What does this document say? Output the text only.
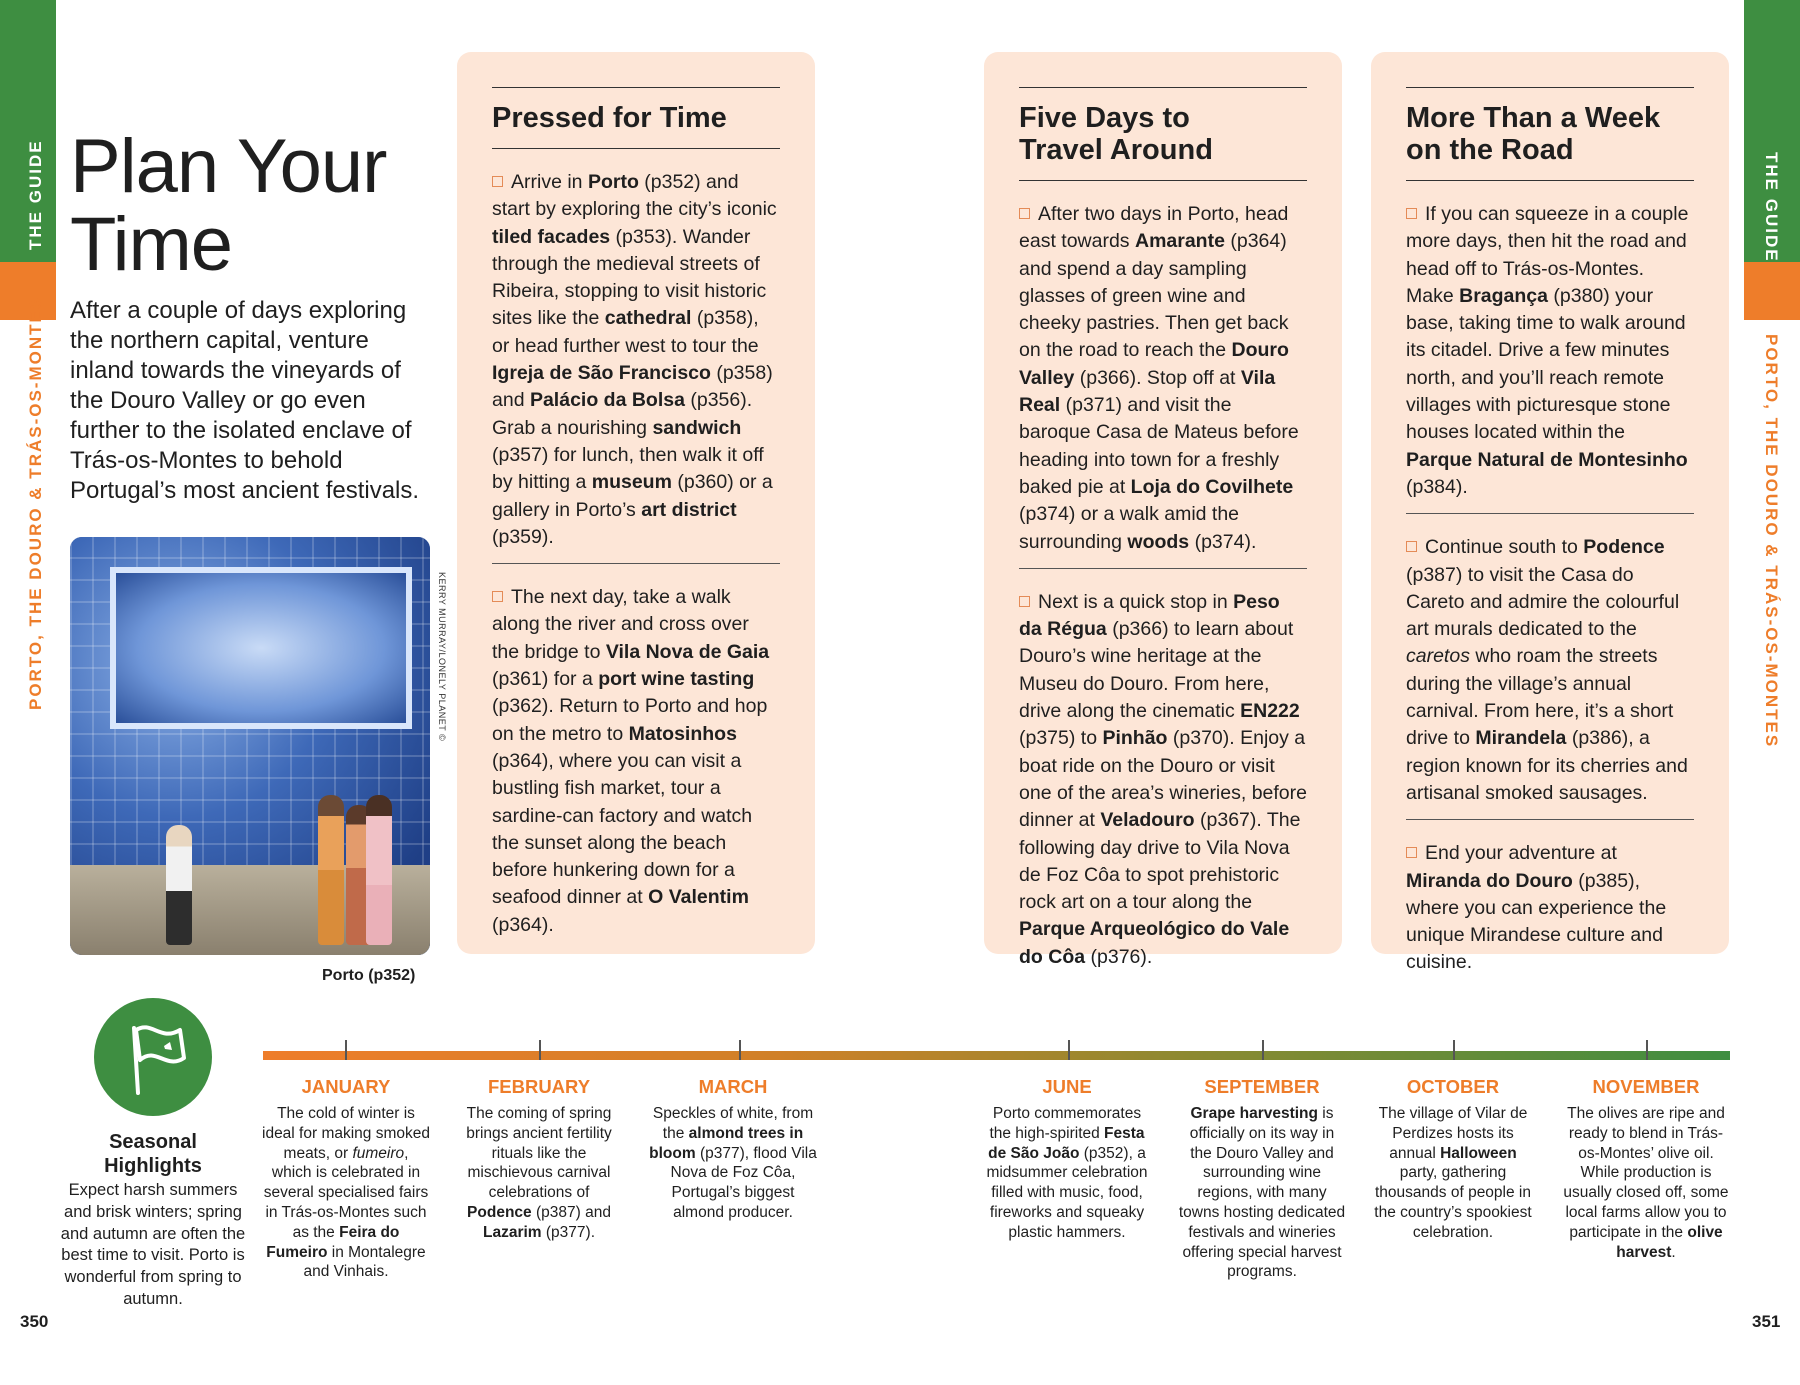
THE GUIDE
PORTO, THE DOURO & TRÁS-OS-MONTES
THE GUIDE
PORTO, THE DOURO & TRÁS-OS-MONTES
350	351
Plan Your
Time
After a couple of days exploring the northern capital, venture inland towards the vineyards of the Douro Valley or go even further to the isolated enclave of Trás-os-Montes to behold Portugal’s most ancient festivals.
KERRY MURRAY/LONELY PLANET ©
Porto (p352)
Pressed for Time
Arrive in Porto (p352) and start by exploring the city’s iconic tiled facades (p353). Wander through the medieval streets of Ribeira, stopping to visit historic sites like the cathedral (p358), or head further west to tour the Igreja de São Francisco (p358) and Palácio da Bolsa (p356). Grab a nourishing sandwich (p357) for lunch, then walk it off by hitting a museum (p360) or a gallery in Porto’s art district (p359).
The next day, take a walk along the river and cross over the bridge to Vila Nova de Gaia (p361) for a port wine tasting (p362). Return to Porto and hop on the metro to Matosinhos (p364), where you can visit a bustling fish market, tour a sardine-can factory and watch the sunset along the beach before hunkering down for a seafood dinner at O Valentim (p364).
Five Days to Travel Around
After two days in Porto, head east towards Amarante (p364) and spend a day sampling glasses of green wine and cheeky pastries. Then get back on the road to reach the Douro Valley (p366). Stop off at Vila Real (p371) and visit the baroque Casa de Mateus before heading into town for a freshly baked pie at Loja do Covilhete (p374) or a walk amid the surrounding woods (p374).
Next is a quick stop in Peso da Régua (p366) to learn about Douro’s wine heritage at the Museu do Douro. From here, drive along the cinematic EN222 (p375) to Pinhão (p370). Enjoy a boat ride on the Douro or visit one of the area’s wineries, before dinner at Veladouro (p367). The following day drive to Vila Nova de Foz Côa to spot prehistoric rock art on a tour along the Parque Arqueológico do Vale do Côa (p376).
More Than a Week on the Road
If you can squeeze in a couple more days, then hit the road and head off to Trás-os-Montes. Make Bragança (p380) your base, taking time to walk around its citadel. Drive a few minutes north, and you’ll reach remote villages with picturesque stone houses located within the Parque Natural de Montesinho (p384).
Continue south to Podence (p387) to visit the Casa do Careto and admire the colourful art murals dedicated to the caretos who roam the streets during the village’s annual carnival. From here, it’s a short drive to Mirandela (p386), a region known for its cherries and artisanal smoked sausages.
End your adventure at Miranda do Douro (p385), where you can experience the unique Mirandese culture and cuisine.
Seasonal Highlights
Expect harsh summers and brisk winters; spring and autumn are often the best time to visit. Porto is wonderful from spring to autumn.
JANUARY
The cold of winter is ideal for making smoked meats, or fumeiro, which is celebrated in several specialised fairs in Trás-os-Montes such as the Feira do Fumeiro in Montalegre and Vinhais.
FEBRUARY
The coming of spring brings ancient fertility rituals like the mischievous carnival celebrations of Podence (p387) and Lazarim (p377).
MARCH
Speckles of white, from the almond trees in bloom (p377), flood Vila Nova de Foz Côa, Portugal’s biggest almond producer.
JUNE
Porto commemorates the high-spirited Festa de São João (p352), a midsummer celebration filled with music, food, fireworks and squeaky plastic hammers.
SEPTEMBER
Grape harvesting is officially on its way in the Douro Valley and surrounding wine regions, with many towns hosting dedicated festivals and wineries offering special harvest programs.
OCTOBER
The village of Vilar de Perdizes hosts its annual Halloween party, gathering thousands of people in the country’s spookiest celebration.
NOVEMBER
The olives are ripe and ready to blend in Trás-os-Montes’ olive oil. While production is usually closed off, some local farms allow you to participate in the olive harvest.
